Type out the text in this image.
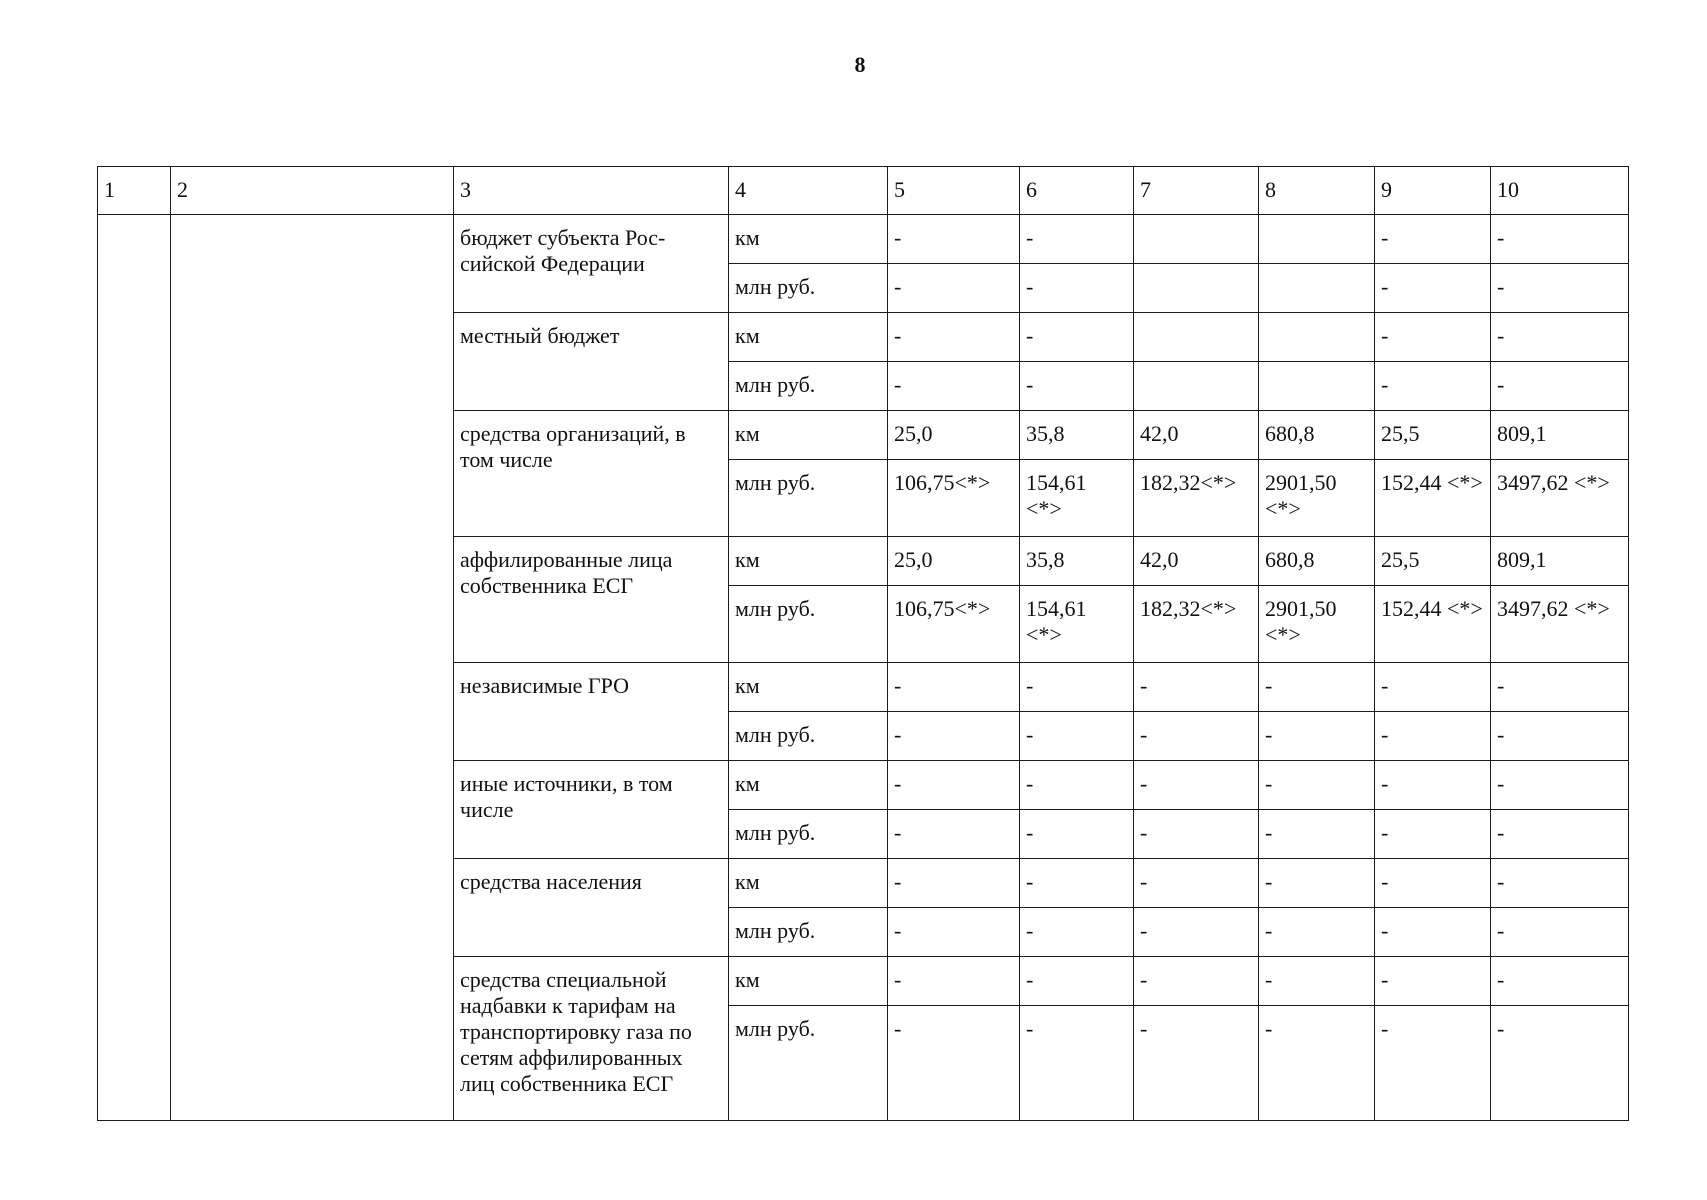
8
1	2	3	4	5	6	7	8	9	10
		бюджет субъекта Рос-сийской Федерации	км	-	-			-	-
			млн руб.	-	-			-	-
		местный бюджет	км	-	-			-	-
			млн руб.	-	-			-	-
		средства организаций, в том числе	км	25,0	35,8	42,0	680,8	25,5	809,1
			млн руб.	106,75<*>	154,61 <*>	182,32<*>	2901,50 <*>	152,44 <*>	3497,62 <*>
		аффилированные лица собственника ЕСГ	км	25,0	35,8	42,0	680,8	25,5	809,1
			млн руб.	106,75<*>	154,61 <*>	182,32<*>	2901,50 <*>	152,44 <*>	3497,62 <*>
		независимые ГРО	км	-	-	-	-	-	-
			млн руб.	-	-	-	-	-	-
		иные источники, в том числе	км	-	-	-	-	-	-
			млн руб.	-	-	-	-	-	-
		средства населения	км	-	-	-	-	-	-
			млн руб.	-	-	-	-	-	-
		средства специальной надбавки к тарифам на транспортировку газа по сетям аффилированных лиц собственника ЕСГ	км	-	-	-	-	-	-
			млн руб.	-	-	-	-	-	-
